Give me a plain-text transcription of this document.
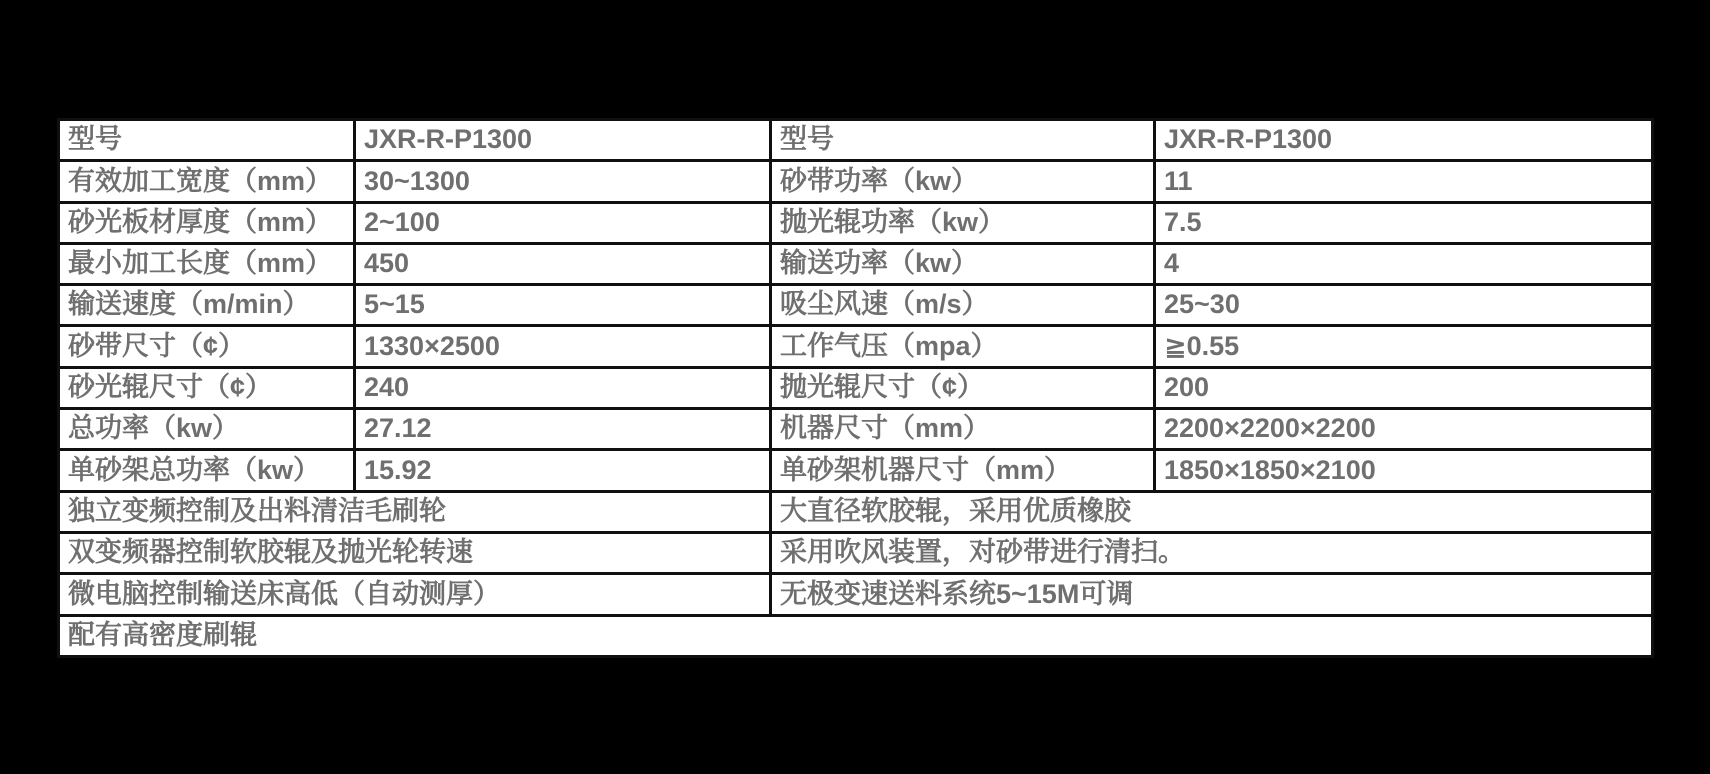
型号	JXR-R-P1300	型号	JXR-R-P1300
有效加工宽度（mm）	30~1300	砂带功率（kw）	11
砂光板材厚度（mm）	2~100	抛光辊功率（kw）	7.5
最小加工长度（mm）	450	输送功率（kw）	4
输送速度（m/min）	5~15	吸尘风速（m/s）	25~30
砂带尺寸（¢）	1330×2500	工作气压（mpa）	≧0.55
砂光辊尺寸（¢）	240	抛光辊尺寸（¢）	200
总功率（kw）	27.12	机器尺寸（mm）	2200×2200×2200
单砂架总功率（kw）	15.92	单砂架机器尺寸（mm）	1850×1850×2100
独立变频控制及出料清洁毛刷轮		大直径软胶辊，采用优质橡胶	
双变频器控制软胶辊及抛光轮转速		采用吹风装置，对砂带进行清扫。	
微电脑控制输送床高低（自动测厚）		无极变速送料系统5~15M可调	
配有高密度刷辊			
